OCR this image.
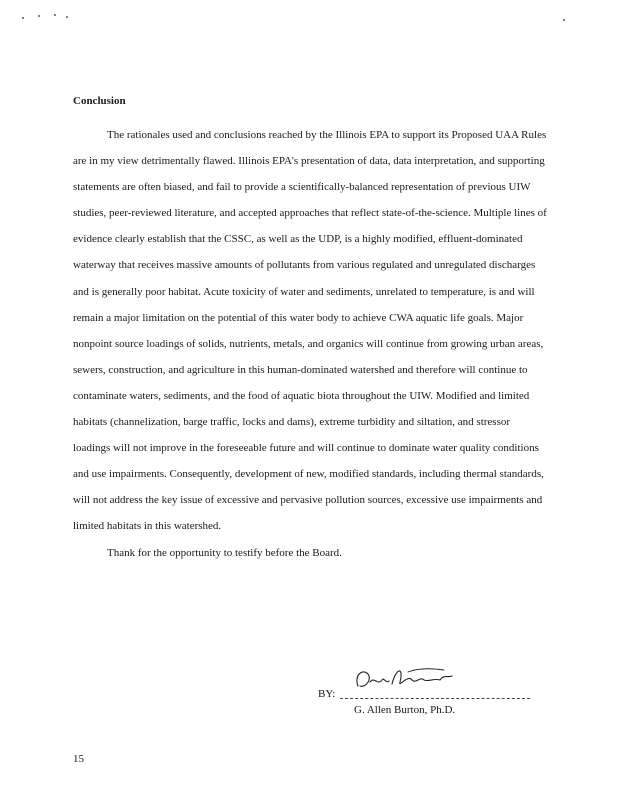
Conclusion

The rationales used and conclusions reached by the Illinois EPA to support its Proposed UAA Rules are in my view detrimentally flawed. Illinois EPA's presentation of data, data interpretation, and supporting statements are often biased, and fail to provide a scientifically-balanced representation of previous UIW studies, peer-reviewed literature, and accepted approaches that reflect state-of-the-science. Multiple lines of evidence clearly establish that the CSSC, as well as the UDP, is a highly modified, effluent-dominated waterway that receives massive amounts of pollutants from various regulated and unregulated discharges and is generally poor habitat. Acute toxicity of water and sediments, unrelated to temperature, is and will remain a major limitation on the potential of this water body to achieve CWA aquatic life goals. Major nonpoint source loadings of solids, nutrients, metals, and organics will continue from growing urban areas, sewers, construction, and agriculture in this human-dominated watershed and therefore will continue to contaminate waters, sediments, and the food of aquatic biota throughout the UIW. Modified and limited habitats (channelization, barge traffic, locks and dams), extreme turbidity and siltation, and stressor loadings will not improve in the foreseeable future and will continue to dominate water quality conditions and use impairments. Consequently, development of new, modified standards, including thermal standards, will not address the key issue of excessive and pervasive pollution sources, excessive use impairments and limited habitats in this watershed.

Thank for the opportunity to testify before the Board.

BY:
G. Allen Burton, Ph.D.
15
